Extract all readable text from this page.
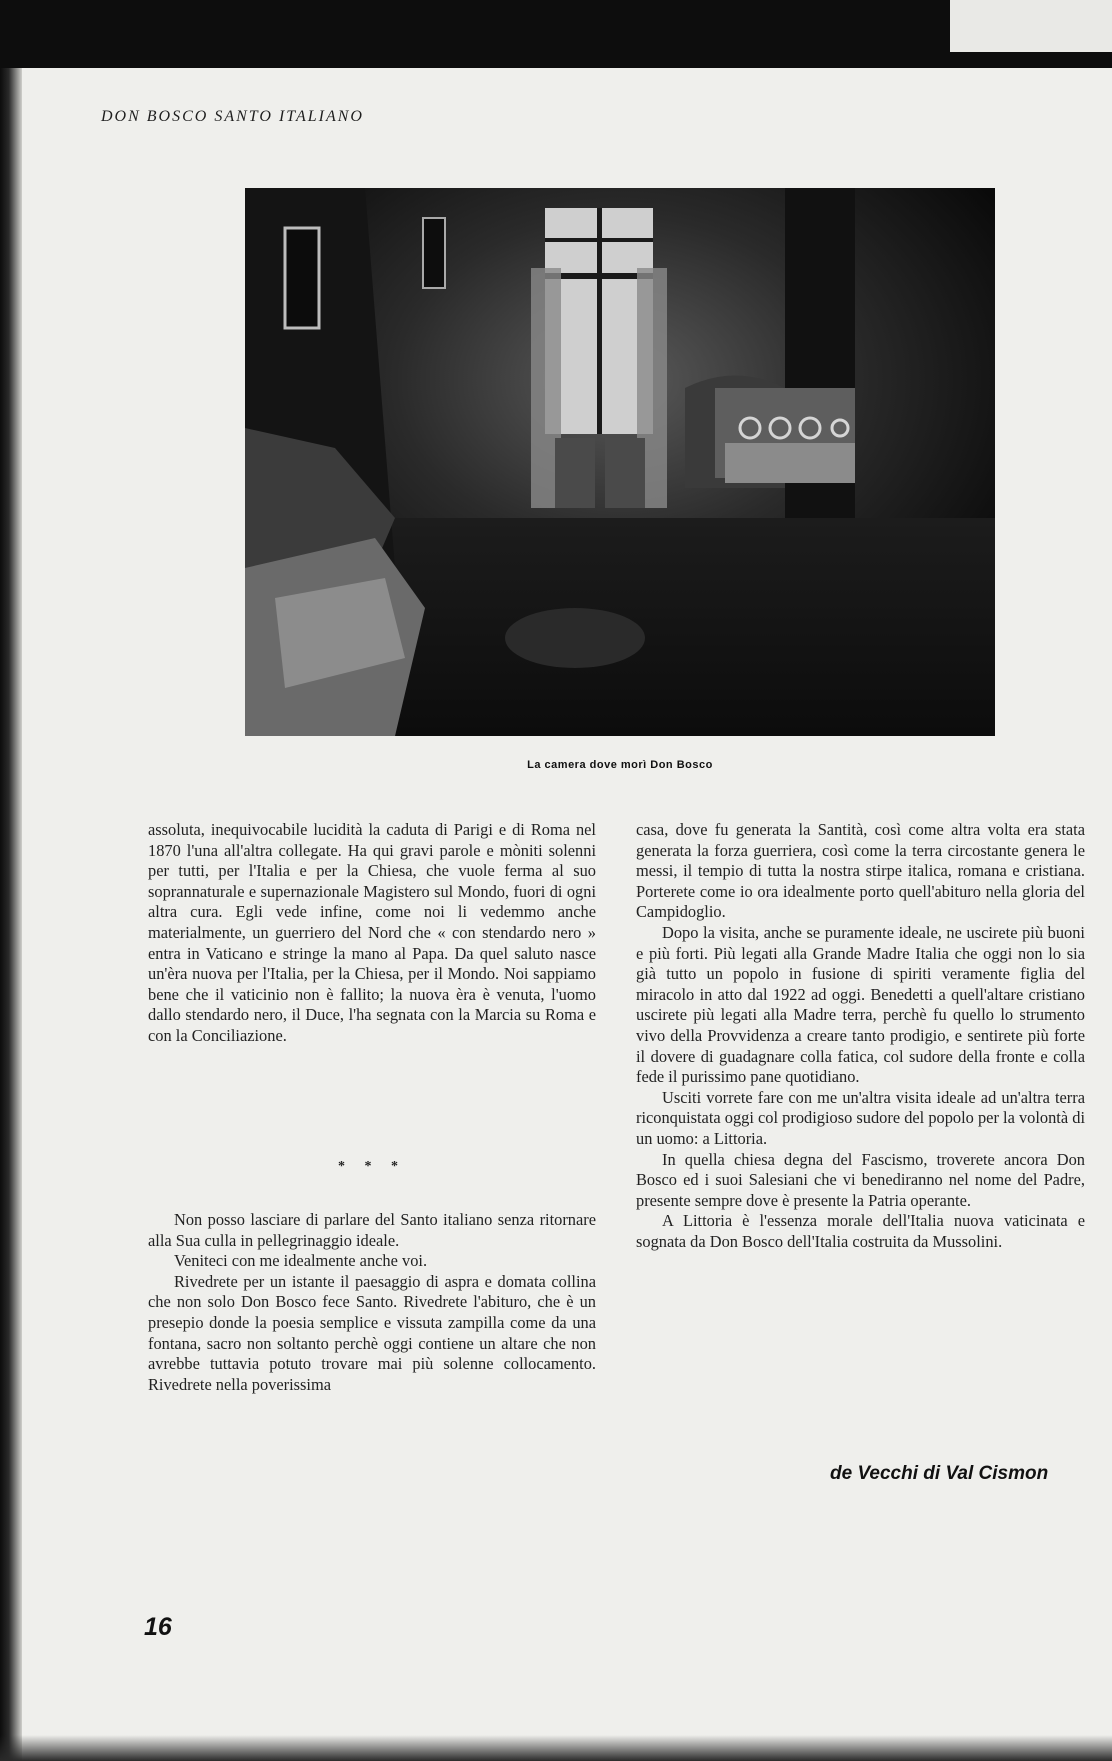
DON BOSCO SANTO ITALIANO
La camera dove morì Don Bosco

assoluta, inequivocabile lucidità la caduta di Parigi e di Roma nel 1870 l'una all'altra collegate. Ha qui gravi parole e mòniti solenni per tutti, per l'Italia e per la Chiesa, che vuole ferma al suo soprannaturale e supernazionale Magistero sul Mondo, fuori di ogni altra cura. Egli vede infine, come noi li vedemmo anche materialmente, un guerriero del Nord che « con stendardo nero » entra in Vaticano e stringe la mano al Papa. Da quel saluto nasce un'èra nuova per l'Italia, per la Chiesa, per il Mondo. Noi sappiamo bene che il vaticinio non è fallito; la nuova èra è venuta, l'uomo dallo stendardo nero, il Duce, l'ha segnata con la Marcia su Roma e con la Conciliazione.

* * *

Non posso lasciare di parlare del Santo italiano senza ritornare alla Sua culla in pellegrinaggio ideale.

Veniteci con me idealmente anche voi.

Rivedrete per un istante il paesaggio di aspra e domata collina che non solo Don Bosco fece Santo. Rivedrete l'abituro, che è un presepio donde la poesia semplice e vissuta zampilla come da una fontana, sacro non soltanto perchè oggi contiene un altare che non avrebbe tuttavia potuto trovare mai più solenne collocamento. Rivedrete nella poverissima

casa, dove fu generata la Santità, così come altra volta era stata generata la forza guerriera, così come la terra circostante genera le messi, il tempio di tutta la nostra stirpe italica, romana e cristiana. Porterete come io ora idealmente porto quell'abituro nella gloria del Campidoglio.

Dopo la visita, anche se puramente ideale, ne uscirete più buoni e più forti. Più legati alla Grande Madre Italia che oggi non lo sia già tutto un popolo in fusione di spiriti veramente figlia del miracolo in atto dal 1922 ad oggi. Benedetti a quell'altare cristiano uscirete più legati alla Madre terra, perchè fu quello lo strumento vivo della Provvidenza a creare tanto prodigio, e sentirete più forte il dovere di guadagnare colla fatica, col sudore della fronte e colla fede il purissimo pane quotidiano.

Usciti vorrete fare con me un'altra visita ideale ad un'altra terra riconquistata oggi col prodigioso sudore del popolo per la volontà di un uomo: a Littoria.

In quella chiesa degna del Fascismo, troverete ancora Don Bosco ed i suoi Salesiani che vi benediranno nel nome del Padre, presente sempre dove è presente la Patria operante.

A Littoria è l'essenza morale dell'Italia nuova vaticinata e sognata da Don Bosco dell'Italia costruita da Mussolini.

de Vecchi di Val Cismon
16
